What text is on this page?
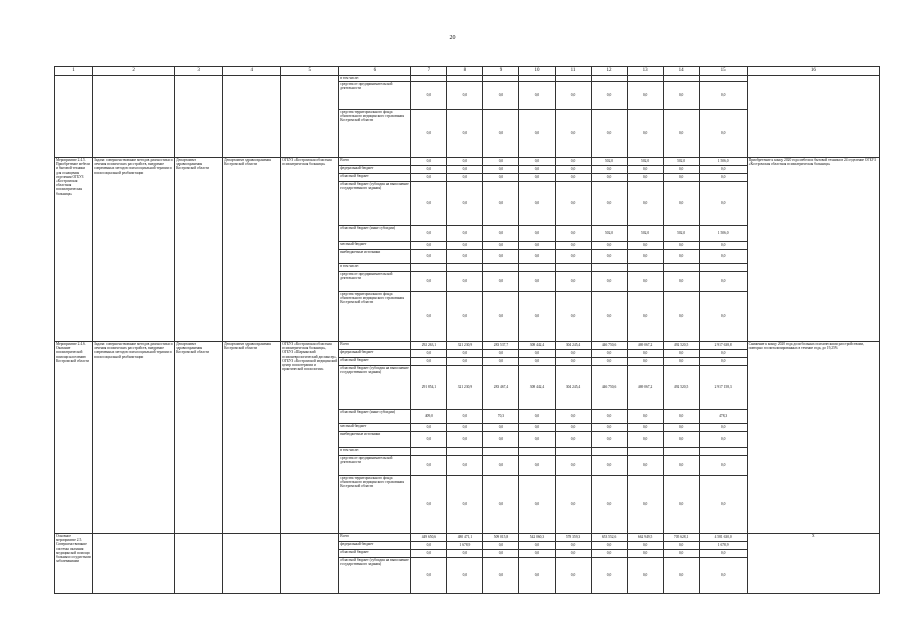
20
1	2	3	4	5	6	7	8	9	10	11	12	13	14	15	16
					в том числе:										
					средства от предпринимательской деятельности	0,0	0,0	0,0	0,0	0,0	0,0	0,0	0,0	0,0	
					средства территориального фонда обязательного медицинского страхования Костромской области	0,0	0,0	0,0	0,0	0,0	0,0	0,0	0,0	0,0	
Мероприятие 2.4.5. Приобретение мебели и бытовой техники для оснащения отделения ОГБУЗ «Костромская областная психиатрическая больница»	Задача: совершенствование методов диагностики и лечения психических расстройств, внедрение современных методов психосоциальной терапии и психосоциальной реабилитации	Департамент здравоохранения Костромской области	Департамент здравоохранения Костромской области	ОГБУЗ «Костромская областная психиатрическая больница»	Всего	0,0	0,0	0,0	0,0	0,0	502,0	502,0	502,0	1 506,0	Приобретение к концу 2020 года мебели и бытовой техники в 24 отделение ОГБУЗ «Костромская областная психиатрическая больница»
					федеральный бюджет	0,0	0,0	0,0	0,0	0,0	0,0	0,0	0,0	0,0	
					областной бюджет	0,0	0,0	0,0	0,0	0,0	0,0	0,0	0,0	0,0	
					областной бюджет (субсидия на выполнение государственного задания)	0,0	0,0	0,0	0,0	0,0	0,0	0,0	0,0	0,0	
					областной бюджет (иные субсидии)	0,0	0,0	0,0	0,0	0,0	502,0	502,0	502,0	1 506,0	
					местный бюджет	0,0	0,0	0,0	0,0	0,0	0,0	0,0	0,0	0,0	
					внебюджетные источники	0,0	0,0	0,0	0,0	0,0	0,0	0,0	0,0	0,0	
					в том числе:										
					средства от предпринимательской деятельности	0,0	0,0	0,0	0,0	0,0	0,0	0,0	0,0	0,0	
					средства территориального фонда обязательного медицинского страхования Костромской области	0,0	0,0	0,0	0,0	0,0	0,0	0,0	0,0	0,0	
Мероприятие 2.4.6. Оказание психиатрической помощи населению Костромской области	Задача: совершенствование методов диагностики и лечения психических расстройств, внедрение современных методов психосоциальной терапии и психосоциальной реабилитации	Департамент здравоохранения Костромской области	Департамент здравоохранения Костромской области	ОГБУЗ «Костромская областная психиатрическая больница», ОГБУЗ «Шарьинский психоневрологический диспансер», ОГБУЗ «Костромской медицинский центр психотерапии и практической психологии»	Всего	292 263,1	321 230,9	283 537,7	308 442,4	304 245,4	446 750,6	469 067,2	492 520,5	2 917 638,8	Снижение к концу 2020 года доли больных психическими расстройствами, повторно госпитализированных в течение года, до 19,25%
					федеральный бюджет	0,0	0,0	0,0	0,0	0,0	0,0	0,0	0,0	0,0	
					областной бюджет	0,0	0,0	0,0	0,0	0,0	0,0	0,0	0,0	0,0	
					областной бюджет (субсидия на выполнение государственного задания)	291 854,1	321 230,9	283 467,4	308 442,4	304 245,4	446 750,6	469 067,2	492 520,5	2 917 158,3	
					областной бюджет (иные субсидии)	409,0	0,0	70,3	0,0	0,0	0,0	0,0	0,0	478,3	
					местный бюджет	0,0	0,0	0,0	0,0	0,0	0,0	0,0	0,0	0,0	
					внебюджетные источники	0,0	0,0	0,0	0,0	0,0	0,0	0,0	0,0	0,0	
					в том числе:										
					средства от предпринимательской деятельности	0,0	0,0	0,0	0,0	0,0	0,0	0,0	0,0	0,0	
					средства территориального фонда обязательного медицинского страхования Костромской области	0,0	0,0	0,0	0,0	0,0	0,0	0,0	0,0	0,0	
Основное мероприятие 2.5. Совершенствование системы оказания медицинской помощи больным сосудистыми заболеваниями					Всего	449 650,6	480 471,1	509 015,8	542 060,3	578 359,3	653 552,6	662 949,5	705 628,1	4 581 630,0	Х
					федеральный бюджет	0,0	1 678,9	0,0	0,0	0,0	0,0	0,0	0,0	1 678,9	
					областной бюджет	0,0	0,0	0,0	0,0	0,0	0,0	0,0	0,0	0,0	
					областной бюджет (субсидия на выполнение государственного задания)	0,0	0,0	0,0	0,0	0,0	0,0	0,0	0,0	0,0	
